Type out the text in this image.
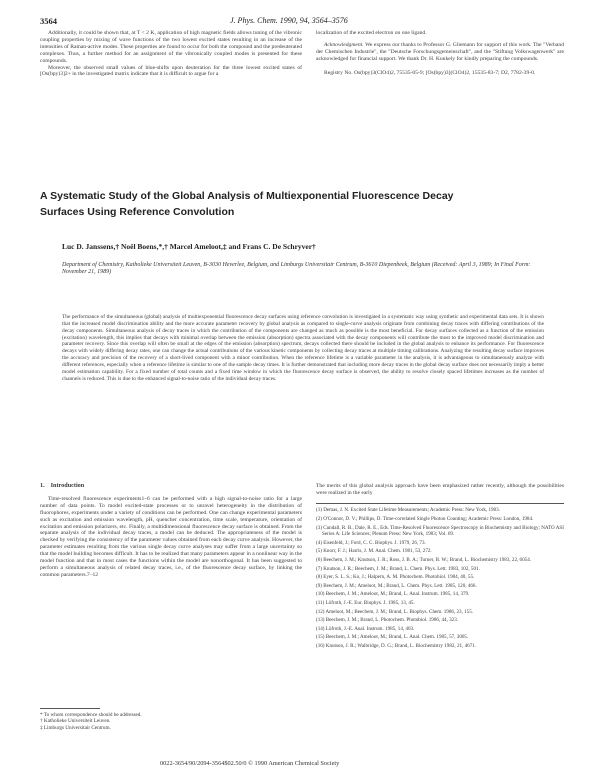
3564	J. Phys. Chem. 1990, 94, 3564–3576

Additionally, it could be shown that, at T < 2 K, application of high magnetic fields allows tuning of the vibronic coupling properties by mixing of wave functions of the two lowest excited states resulting in an increase of the intensities of Raman-active modes. These properties are found to occur for both the compound and the predeuterated complexes. Thus, a further method for an assignment of the vibronically coupled modes is presented for these compounds.

Moreover, the observed small values of blue-shifts upon deuteration for the three lowest excited states of [Os(bpy)3]2+ in the investigated matrix indicate that it is difficult to argue for a

localization of the excited electron on one ligand.

Acknowledgment. We express our thanks to Professor G. Gliemann for support of this work. The "Verband der Chemischen Industrie", the "Deutsche Forschungsgemeinschaft", and the "Stiftung Volkswagenwerk" are acknowledged for financial support. We thank Dr. H. Kunkely for kindly preparing the compounds.

Registry No. Os(bpy)3(ClO4)2, 75535-05-9; [Os(bpy)3](ClO4)2, 15535-83-7; D2, 7782-39-0.

A Systematic Study of the Global Analysis of Multiexponential Fluorescence Decay Surfaces Using Reference Convolution
Luc D. Janssens,† Noël Boens,*,† Marcel Ameloot,‡ and Frans C. De Schryver†
Department of Chemistry, Katholieke Universiteit Leuven, B-3030 Heverlee, Belgium, and Limburgs Universitair Centrum, B-3610 Diepenbeek, Belgium (Received: April 3, 1989; In Final Form: November 21, 1989)
The performance of the simultaneous (global) analysis of multiexponential fluorescence decay surfaces using reference convolution is investigated in a systematic way using synthetic and experimental data sets. It is shown that the increased model discrimination ability and the more accurate parameter recovery by global analysis as compared to single-curve analysis originate from combining decay traces with differing contributions of the decay components. Simultaneous analysis of decay traces in which the contribution of the components are changed as much as possible is the most beneficial. For decay surfaces collected as a function of the emission (excitation) wavelength, this implies that decays with minimal overlap between the emission (absorption) spectra associated with the decay components will contribute the most to the improved model discrimination and parameter recovery. Since this overlap will often be small at the edges of the emission (absorption) spectrum, decays collected there should be included in the global analysis to enhance its performance. For fluorescence decays with widely differing decay rates, one can change the actual contributions of the various kinetic components by collecting decay traces at multiple timing calibrations. Analyzing the resulting decay surface improves the accuracy and precision of the recovery of a short-lived component with a minor contribution. When the reference lifetime is a variable parameter in the analysis, it is advantageous to simultaneously analyze with different references, especially when a reference lifetime is similar to one of the sample decay times. It is further demonstrated that including more decay traces in the global decay surface does not necessarily imply a better model estimation capability. For a fixed number of total counts and a fixed time window in which the fluorescence decay surface is observed, the ability to resolve closely spaced lifetimes increases as the number of channels is reduced. This is due to the enhanced signal-to-noise ratio of the individual decay traces.
1. Introduction

Time-resolved fluorescence experiments1–6 can be performed with a high signal-to-noise ratio for a large number of data points. To model excited-state processes or to unravel heterogeneity in the distribution of fluorophores, experiments under a variety of conditions can be performed. One can change experimental parameters such as excitation and emission wavelength, pH, quencher concentration, time scale, temperature, orientation of excitation and emission polarizers, etc. Finally, a multidimensional fluorescence decay surface is obtained. From the separate analysis of the individual decay traces, a model can be deduced. The appropriateness of the model is checked by verifying the consistency of the parameter values obtained from each decay curve analysis. However, the parameter estimates resulting from the various single decay curve analyses may suffer from a large uncertainty so that the model building becomes difficult. It has to be realized that many parameters appear in a nonlinear way in the model function and that in most cases the functions within the model are nonorthogonal. It has been suggested to perform a simultaneous analysis of related decay traces, i.e., of the fluorescence decay surface, by linking the common parameters.7–12

The merits of this global analysis approach have been emphasized rather recently, although the possibilities were realized in the early
(1) Demas, J. N. Excited State Lifetime Measurements; Academic Press: New York, 1983.
(2) O'Connor, D. V.; Phillips, D. Time-correlated Single Photon Counting; Academic Press: London, 1984.
(3) Cundall, R. B., Dale, R. E., Eds. Time-Resolved Fluorescence Spectroscopy in Biochemistry and Biology; NATO ASI Series A: Life Sciences; Plenum Press: New York, 1983; Vol. 69.
(4) Eisenfeld, J.; Ford, C. C. Biophys. J. 1979, 26, 73.
(5) Knorr, F. J.; Harris, J. M. Anal. Chem. 1981, 53, 272.
(6) Beechem, J. M.; Knutson, J. R.; Ross, J. B. A.; Turner, B. W.; Brand, L. Biochemistry 1983, 22, 6054.
(7) Knutson, J. R.; Beechem, J. M.; Brand, L. Chem. Phys. Lett. 1983, 102, 501.
(8) Eyer, S. L. S.; Ko, J.; Halpern, A. M. Photochem. Photobiol. 1984, 40, 55.
(9) Beechem, J. M.; Ameloot, M.; Brand, L. Chem. Phys. Lett. 1985, 120, 466.
(10) Beechem, J. M.; Ameloot, M.; Brand, L. Anal. Instrum. 1985, 14, 379.
(11) Löfroth, J.-E. Eur. Biophys. J. 1985, 13, 45.
(12) Ameloot, M.; Beechem, J. M.; Brand, L. Biophys. Chem. 1986, 23, 155.
(13) Beechem, J. M.; Brand, L. Photochem. Photobiol. 1986, 44, 323.
(14) Löfroth, J.-E. Anal. Instrum. 1985, 14, 403.
(15) Beechem, J. M.; Ameloot, M.; Brand, L. Anal. Chem. 1985, 57, 3005.
(16) Knutson, J. R.; Walbridge, D. G.; Brand, L. Biochemistry 1982, 21, 4671.
* To whom correspondence should be addressed.
† Katholieke Universiteit Leuven.
‡ Limburgs Universitair Centrum.
0022-3654/90/2094-3564$02.50/0 © 1990 American Chemical Society
